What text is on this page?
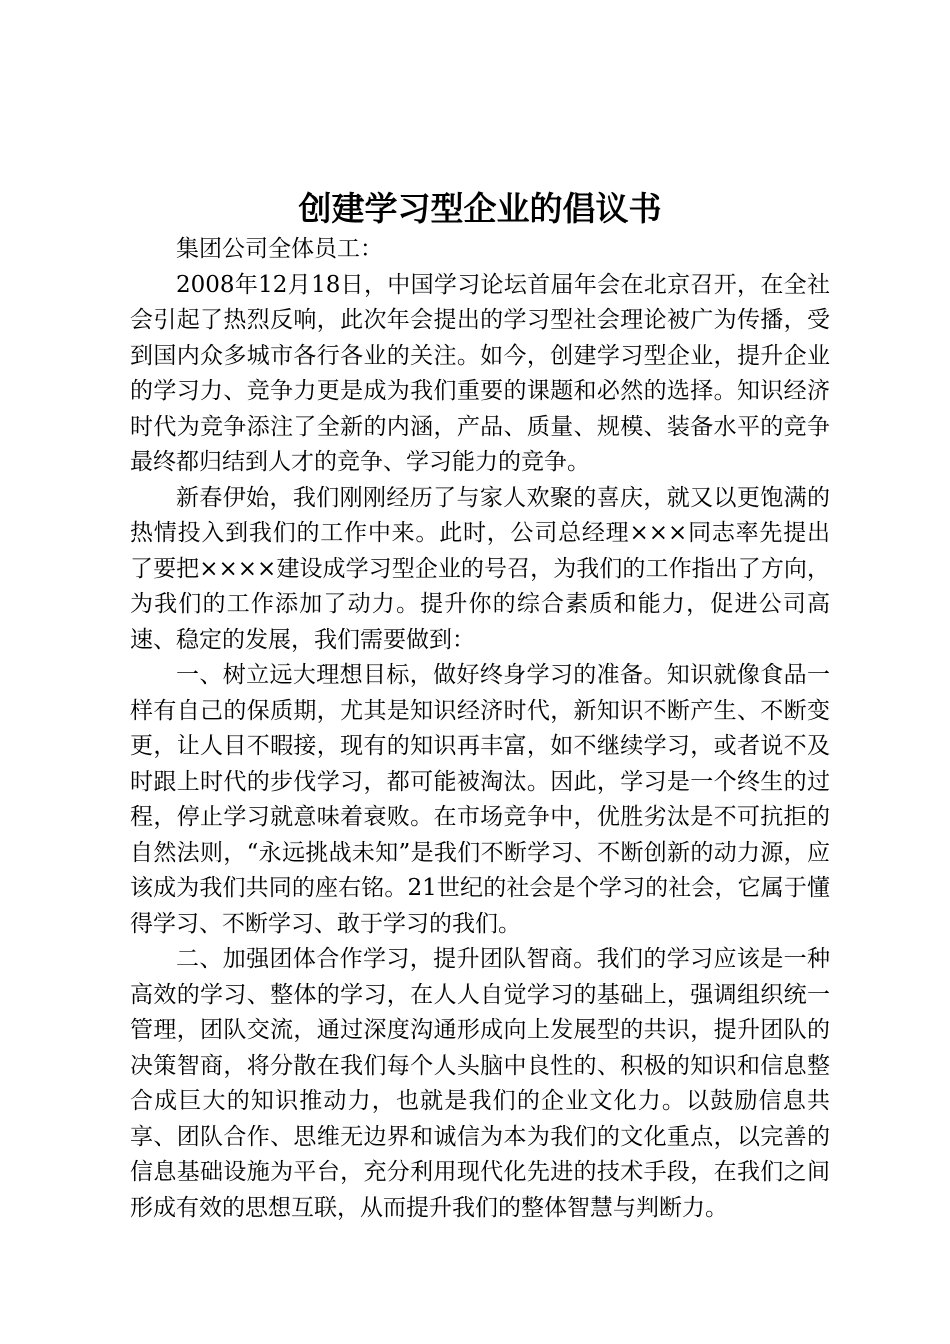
创建学习型企业的倡议书

集团公司全体员工：

2008年12月18日，中国学习论坛首届年会在北京召开，在全社会引起了热烈反响，此次年会提出的学习型社会理论被广为传播，受到国内众多城市各行各业的关注。如今，创建学习型企业，提升企业的学习力、竞争力更是成为我们重要的课题和必然的选择。知识经济时代为竞争添注了全新的内涵，产品、质量、规模、装备水平的竞争最终都归结到人才的竞争、学习能力的竞争。

新春伊始，我们刚刚经历了与家人欢聚的喜庆，就又以更饱满的热情投入到我们的工作中来。此时，公司总经理×××同志率先提出了要把××××建设成学习型企业的号召，为我们的工作指出了方向，为我们的工作添加了动力。提升你的综合素质和能力，促进公司高速、稳定的发展，我们需要做到：

一、树立远大理想目标，做好终身学习的准备。知识就像食品一样有自己的保质期，尤其是知识经济时代，新知识不断产生、不断变更，让人目不暇接，现有的知识再丰富，如不继续学习，或者说不及时跟上时代的步伐学习，都可能被淘汰。因此，学习是一个终生的过程，停止学习就意味着衰败。在市场竞争中，优胜劣汰是不可抗拒的自然法则，“永远挑战未知”是我们不断学习、不断创新的动力源，应该成为我们共同的座右铭。21世纪的社会是个学习的社会，它属于懂得学习、不断学习、敢于学习的我们。

二、加强团体合作学习，提升团队智商。我们的学习应该是一种高效的学习、整体的学习，在人人自觉学习的基础上，强调组织统一管理，团队交流，通过深度沟通形成向上发展型的共识，提升团队的决策智商，将分散在我们每个人头脑中良性的、积极的知识和信息整合成巨大的知识推动力，也就是我们的企业文化力。以鼓励信息共享、团队合作、思维无边界和诚信为本为我们的文化重点，以完善的信息基础设施为平台，充分利用现代化先进的技术手段，在我们之间形成有效的思想互联，从而提升我们的整体智慧与判断力。
